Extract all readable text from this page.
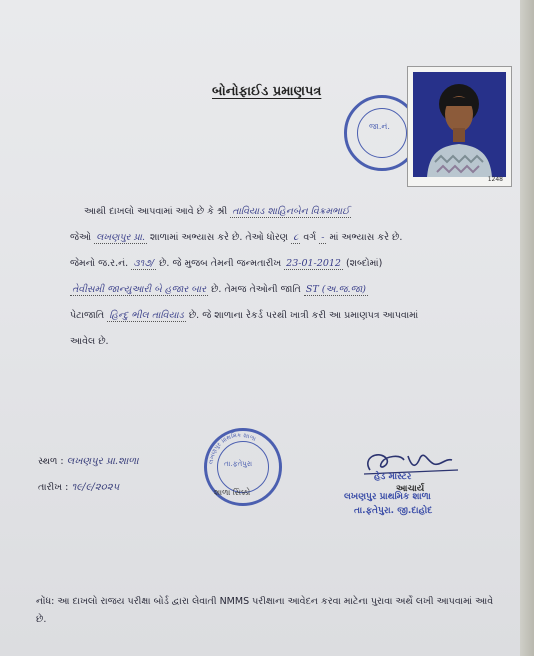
બોનોફાઈડ પ્રમાણપત્ર
જા.નં.
1248
આથી દાખલો આપવામાં આવે છે કે શ્રી તાવિયાડ શાહિનબેન વિક્રમભાઈ
જેઓ લખણપુર પ્રા. શાળામાં અભ્યાસ કરે છે. તેઓ ધોરણ ૮ વર્ગ - માં અભ્યાસ કરે છે.
જેમનો જ.ર.નં. ૩૧૭/ છે. જે મુજબ તેમની જન્મતારીખ 23-01-2012 (શબ્દોમાં)
તેવીસમી જાન્યુઆરી બે હજાર બાર છે. તેમજ તેઓની જાતિ ST (અ.જ.જા)
પેટાજાતિ હિન્દુ ભીલ તાવિયાડ છે. જે શાળાના રેકર્ડ પરથી ખાત્રી કરી આ પ્રમાણપત્ર આપવામાં
આવેલ છે.
સ્થળ : લખણપુર પ્રા.શાળા
તારીખ : ૧૯/૯/૨૦૨૫
લખણપુર પ્રાથમિક શાળા
તા.ફતેપુરા
શાળા સિક્કો
હેડ માસ્ટર
આચાર્ય
લખણપુર પ્રાથમિક શાળા
તા.ફતેપુરા. જી.દાહોદ
નોંધ: આ દાખલો રાજય પરીક્ષા બોર્ડ દ્વારા લેવાતી NMMS પરીક્ષાના આવેદન કરવા માટેના પુરાવા અર્થે લખી આપવામાં આવે છે.
